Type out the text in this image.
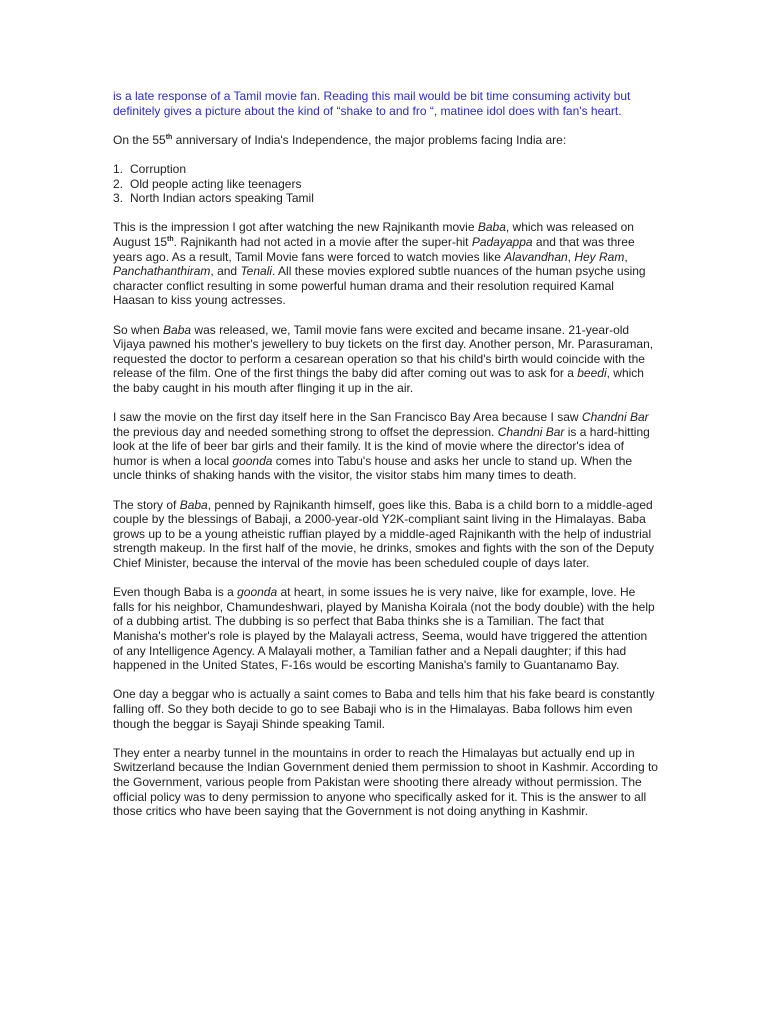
is a late response of a Tamil movie fan. Reading this mail would be bit time consuming activity but definitely gives a picture about the kind of “shake to and fro “, matinee idol does with fan's heart.

On the 55th anniversary of India's Independence, the major problems facing India are:

1. Corruption
2. Old people acting like teenagers
3. North Indian actors speaking Tamil

This is the impression I got after watching the new Rajnikanth movie Baba, which was released on August 15th. Rajnikanth had not acted in a movie after the super-hit Padayappa and that was three years ago. As a result, Tamil Movie fans were forced to watch movies like Alavandhan, Hey Ram, Panchathanthiram, and Tenali. All these movies explored subtle nuances of the human psyche using character conflict resulting in some powerful human drama and their resolution required Kamal Haasan to kiss young actresses.

So when Baba was released, we, Tamil movie fans were excited and became insane. 21-year-old Vijaya pawned his mother's jewellery to buy tickets on the first day. Another person, Mr. Parasuraman, requested the doctor to perform a cesarean operation so that his child's birth would coincide with the release of the film. One of the first things the baby did after coming out was to ask for a beedi, which the baby caught in his mouth after flinging it up in the air.

I saw the movie on the first day itself here in the San Francisco Bay Area because I saw Chandni Bar the previous day and needed something strong to offset the depression. Chandni Bar is a hard-hitting look at the life of beer bar girls and their family. It is the kind of movie where the director's idea of humor is when a local goonda comes into Tabu's house and asks her uncle to stand up. When the uncle thinks of shaking hands with the visitor, the visitor stabs him many times to death.

The story of Baba, penned by Rajnikanth himself, goes like this. Baba is a child born to a middle-aged couple by the blessings of Babaji, a 2000-year-old Y2K-compliant saint living in the Himalayas. Baba grows up to be a young atheistic ruffian played by a middle-aged Rajnikanth with the help of industrial strength makeup. In the first half of the movie, he drinks, smokes and fights with the son of the Deputy Chief Minister, because the interval of the movie has been scheduled couple of days later.

Even though Baba is a goonda at heart, in some issues he is very naive, like for example, love. He falls for his neighbor, Chamundeshwari, played by Manisha Koirala (not the body double) with the help of a dubbing artist. The dubbing is so perfect that Baba thinks she is a Tamilian. The fact that Manisha's mother's role is played by the Malayali actress, Seema, would have triggered the attention of any Intelligence Agency. A Malayali mother, a Tamilian father and a Nepali daughter; if this had happened in the United States, F-16s would be escorting Manisha's family to Guantanamo Bay.

One day a beggar who is actually a saint comes to Baba and tells him that his fake beard is constantly falling off. So they both decide to go to see Babaji who is in the Himalayas. Baba follows him even though the beggar is Sayaji Shinde speaking Tamil.

They enter a nearby tunnel in the mountains in order to reach the Himalayas but actually end up in Switzerland because the Indian Government denied them permission to shoot in Kashmir. According to the Government, various people from Pakistan were shooting there already without permission. The official policy was to deny permission to anyone who specifically asked for it. This is the answer to all those critics who have been saying that the Government is not doing anything in Kashmir.
